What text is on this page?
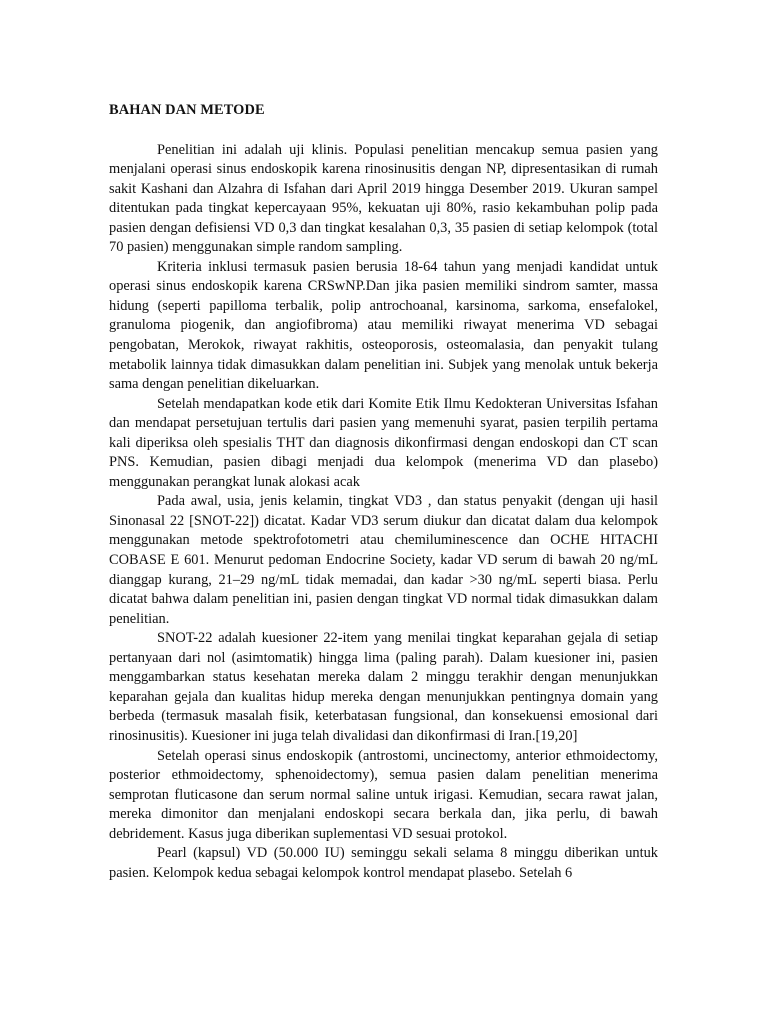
BAHAN DAN METODE

Penelitian ini adalah uji klinis. Populasi penelitian mencakup semua pasien yang menjalani operasi sinus endoskopik karena rinosinusitis dengan NP, dipresentasikan di rumah sakit Kashani dan Alzahra di Isfahan dari April 2019 hingga Desember 2019. Ukuran sampel ditentukan pada tingkat kepercayaan 95%, kekuatan uji 80%, rasio kekambuhan polip pada pasien dengan defisiensi VD 0,3 dan tingkat kesalahan 0,3, 35 pasien di setiap kelompok (total 70 pasien) menggunakan simple random sampling.

Kriteria inklusi termasuk pasien berusia 18-64 tahun yang menjadi kandidat untuk operasi sinus endoskopik karena CRSwNP.Dan jika pasien memiliki sindrom samter, massa hidung (seperti papilloma terbalik, polip antrochoanal, karsinoma, sarkoma, ensefalokel, granuloma piogenik, dan angiofibroma) atau memiliki riwayat menerima VD sebagai pengobatan, Merokok, riwayat rakhitis, osteoporosis, osteomalasia, dan penyakit tulang metabolik lainnya tidak dimasukkan dalam penelitian ini. Subjek yang menolak untuk bekerja sama dengan penelitian dikeluarkan.

Setelah mendapatkan kode etik dari Komite Etik Ilmu Kedokteran Universitas Isfahan dan mendapat persetujuan tertulis dari pasien yang memenuhi syarat, pasien terpilih pertama kali diperiksa oleh spesialis THT dan diagnosis dikonfirmasi dengan endoskopi dan CT scan PNS. Kemudian, pasien dibagi menjadi dua kelompok (menerima VD dan plasebo) menggunakan perangkat lunak alokasi acak

Pada awal, usia, jenis kelamin, tingkat VD3 , dan status penyakit (dengan uji hasil Sinonasal 22 [SNOT-22]) dicatat. Kadar VD3 serum diukur dan dicatat dalam dua kelompok menggunakan metode spektrofotometri atau chemiluminescence dan OCHE HITACHI COBASE E 601. Menurut pedoman Endocrine Society, kadar VD serum di bawah 20 ng/mL dianggap kurang, 21–29 ng/mL tidak memadai, dan kadar >30 ng/mL seperti biasa. Perlu dicatat bahwa dalam penelitian ini, pasien dengan tingkat VD normal tidak dimasukkan dalam penelitian.

SNOT-22 adalah kuesioner 22-item yang menilai tingkat keparahan gejala di setiap pertanyaan dari nol (asimtomatik) hingga lima (paling parah). Dalam kuesioner ini, pasien menggambarkan status kesehatan mereka dalam 2 minggu terakhir dengan menunjukkan keparahan gejala dan kualitas hidup mereka dengan menunjukkan pentingnya domain yang berbeda (termasuk masalah fisik, keterbatasan fungsional, dan konsekuensi emosional dari rinosinusitis). Kuesioner ini juga telah divalidasi dan dikonfirmasi di Iran.[19,20]

Setelah operasi sinus endoskopik (antrostomi, uncinectomy, anterior ethmoidectomy, posterior ethmoidectomy, sphenoidectomy), semua pasien dalam penelitian menerima semprotan fluticasone dan serum normal saline untuk irigasi. Kemudian, secara rawat jalan, mereka dimonitor dan menjalani endoskopi secara berkala dan, jika perlu, di bawah debridement. Kasus juga diberikan suplementasi VD sesuai protokol.

Pearl (kapsul) VD (50.000 IU) seminggu sekali selama 8 minggu diberikan untuk pasien. Kelompok kedua sebagai kelompok kontrol mendapat plasebo. Setelah 6
